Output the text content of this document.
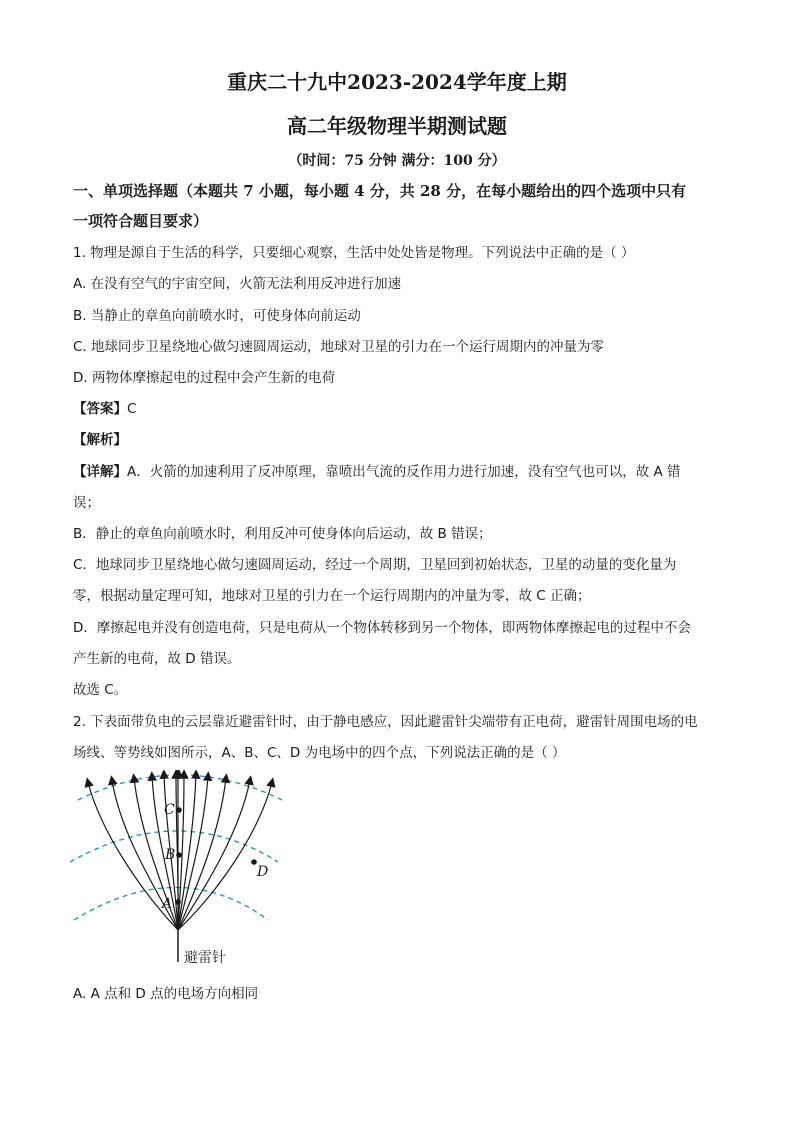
重庆二十九中2023-2024学年度上期
高二年级物理半期测试题
（时间：75 分钟 满分：100 分）
一、单项选择题（本题共 7 小题，每小题 4 分，共 28 分，在每小题给出的四个选项中只有
一项符合题目要求）
1. 物理是源自于生活的科学，只要细心观察，生活中处处皆是物理。下列说法中正确的是（ ）
A. 在没有空气的宇宙空间，火箭无法利用反冲进行加速
B. 当静止的章鱼向前喷水时，可使身体向前运动
C. 地球同步卫星绕地心做匀速圆周运动，地球对卫星的引力在一个运行周期内的冲量为零
D. 两物体摩擦起电的过程中会产生新的电荷
【答案】C
【解析】
【详解】A．火箭的加速利用了反冲原理，靠喷出气流的反作用力进行加速，没有空气也可以，故 A 错
误；
B．静止的章鱼向前喷水时，利用反冲可使身体向后运动，故 B 错误；
C．地球同步卫星绕地心做匀速圆周运动，经过一个周期，卫星回到初始状态，卫星的动量的变化量为
零，根据动量定理可知，地球对卫星的引力在一个运行周期内的冲量为零，故 C 正确；
D．摩擦起电并没有创造电荷，只是电荷从一个物体转移到另一个物体，即两物体摩擦起电的过程中不会
产生新的电荷，故 D 错误。
故选 C。
2. 下表面带负电的云层靠近避雷针时，由于静电感应，因此避雷针尖端带有正电荷，避雷针周围电场的电
场线、等势线如图所示，A、B、C、D 为电场中的四个点，下列说法正确的是（ ）
C
B
A
D
避雷针
A. A 点和 D 点的电场方向相同
